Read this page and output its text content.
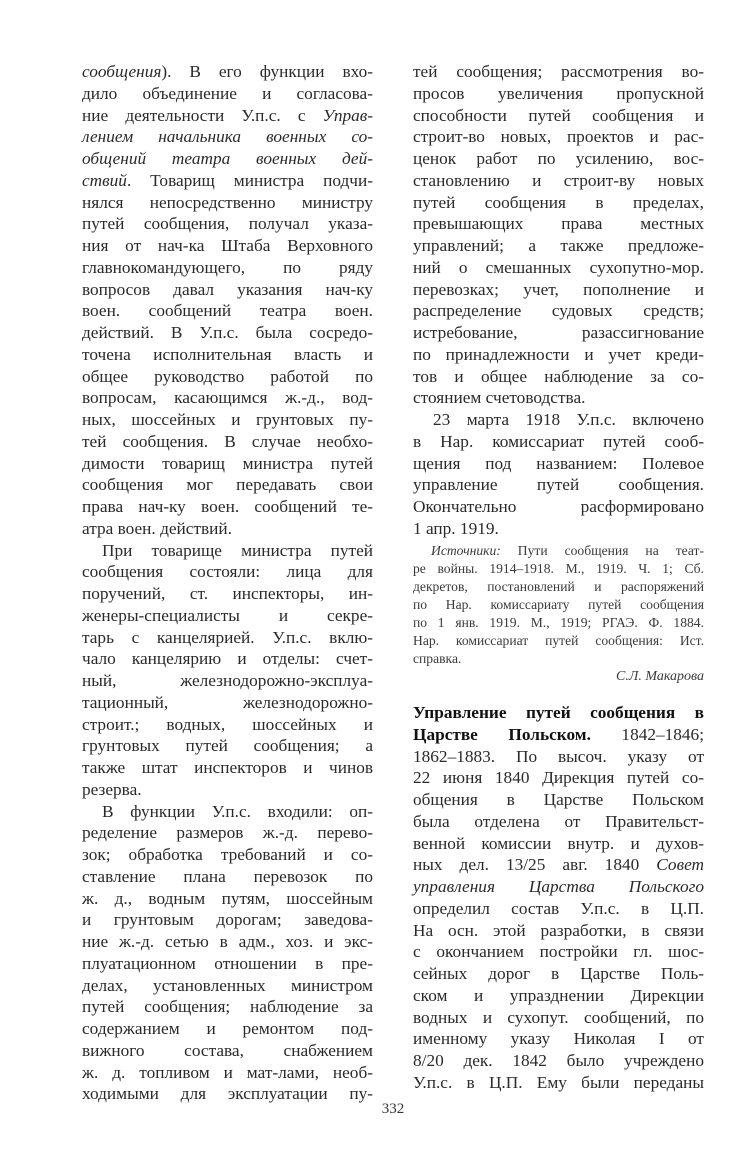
сообщения). В его функции вхо-
дило объединение и согласова-
ние деятельности У.п.с. с Управ-
лением начальника военных со-
общений театра военных дей-
ствий. Товарищ министра подчи-
нялся непосредственно министру
путей сообщения, получал указа-
ния от нач-ка Штаба Верховного
главнокомандующего, по ряду
вопросов давал указания нач-ку
воен. сообщений театра воен.
действий. В У.п.с. была сосредо-
точена исполнительная власть и
общее руководство работой по
вопросам, касающимся ж.-д., вод-
ных, шоссейных и грунтовых пу-
тей сообщения. В случае необхо-
димости товарищ министра путей
сообщения мог передавать свои
права нач-ку воен. сообщений те-
атра воен. действий.
При товарище министра путей
сообщения состояли: лица для
поручений, ст. инспекторы, ин-
женеры-специалисты и секре-
тарь с канцелярией. У.п.с. вклю-
чало канцелярию и отделы: счет-
ный, железнодорожно-эксплуа-
тационный, железнодорожно-
строит.; водных, шоссейных и
грунтовых путей сообщения; а
также штат инспекторов и чинов
резерва.
В функции У.п.с. входили: оп-
ределение размеров ж.-д. перево-
зок; обработка требований и со-
ставление плана перевозок по
ж. д., водным путям, шоссейным
и грунтовым дорогам; заведова-
ние ж.-д. сетью в адм., хоз. и экс-
плуатационном отношении в пре-
делах, установленных министром
путей сообщения; наблюдение за
содержанием и ремонтом под-
вижного состава, снабжением
ж. д. топливом и мат-лами, необ-
ходимыми для эксплуатации пу-
тей сообщения; рассмотрения во-
просов увеличения пропускной
способности путей сообщения и
строит-во новых, проектов и рас-
ценок работ по усилению, вос-
становлению и строит-ву новых
путей сообщения в пределах,
превышающих права местных
управлений; а также предложе-
ний о смешанных сухопутно-мор.
перевозках; учет, пополнение и
распределение судовых средств;
истребование, разассигнование
по принадлежности и учет креди-
тов и общее наблюдение за со-
стоянием счетоводства.
23 марта 1918 У.п.с. включено
в Нар. комиссариат путей сооб-
щения под названием: Полевое
управление путей сообщения.
Окончательно расформировано
1 апр. 1919.
Источники: Пути сообщения на теат-
ре войны. 1914–1918. М., 1919. Ч. 1; Сб.
декретов, постановлений и распоряжений
по Нар. комиссариату путей сообщения
по 1 янв. 1919. М., 1919; РГАЭ. Ф. 1884.
Нар. комиссариат путей сообщения: Ист.
справка.
С.Л. Макарова
Управление путей сообщения в
Царстве Польском. 1842–1846;
1862–1883. По высоч. указу от
22 июня 1840 Дирекция путей со-
общения в Царстве Польском
была отделена от Правительст-
венной комиссии внутр. и духов-
ных дел. 13/25 авг. 1840 Совет
управления Царства Польского
определил состав У.п.с. в Ц.П.
На осн. этой разработки, в связи
с окончанием постройки гл. шос-
сейных дорог в Царстве Поль-
ском и упразднении Дирекции
водных и сухопут. сообщений, по
именному указу Николая I от
8/20 дек. 1842 было учреждено
У.п.с. в Ц.П. Ему были переданы
332
